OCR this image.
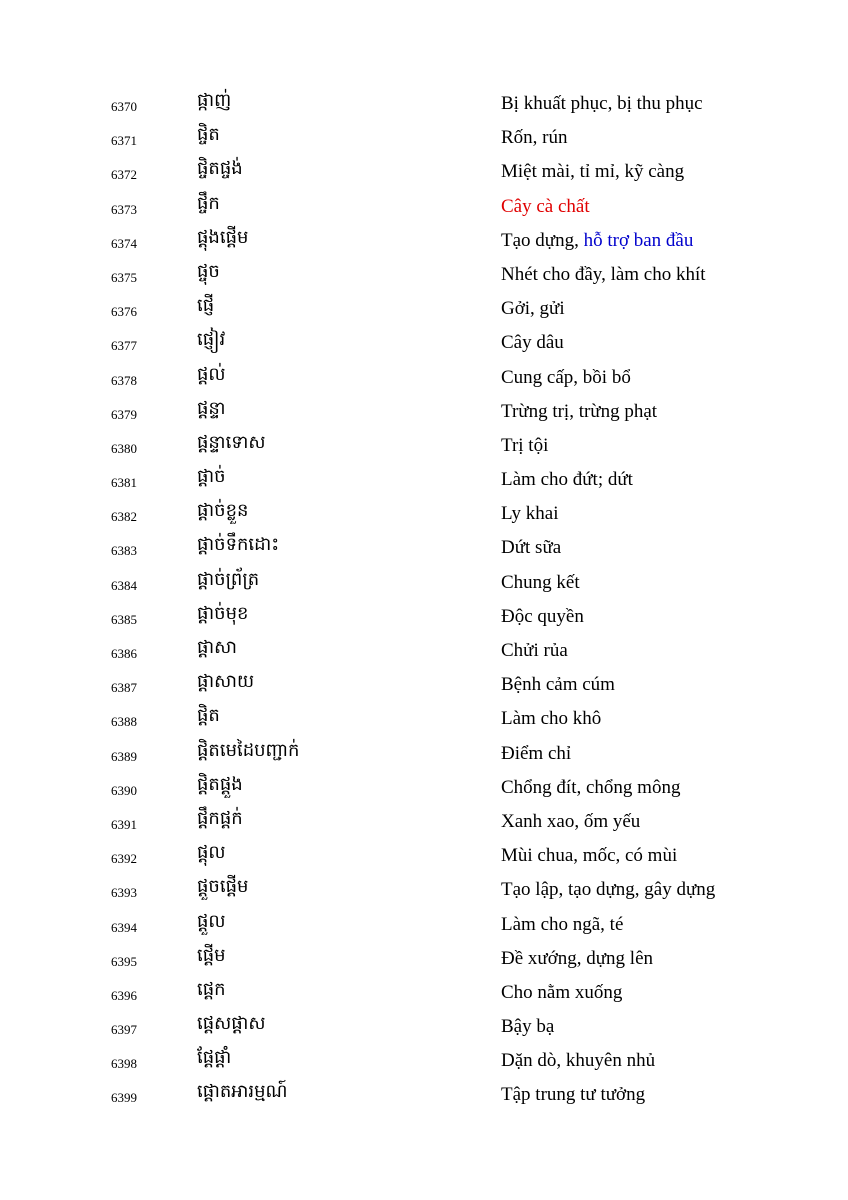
6370	ផ្កាញ់	Bị khuất phục, bị thu phục
6371	ផ្ចិត	Rốn, rún
6372	ផ្ចិតផ្ចង់	Miệt mài, tỉ mỉ, kỹ càng
6373	ផ្ចឹក	Cây cà chất
6374	ផ្ដុងផ្ដើម	Tạo dựng, hỗ trợ ban đầu
6375	ផ្ចុច	Nhét cho đầy, làm cho khít
6376	ផ្ញើ	Gởi, gửi
6377	ផ្ញៀវ	Cây dâu
6378	ផ្ដល់	Cung cấp, bồi bổ
6379	ផ្ដន្ទា	Trừng trị, trừng phạt
6380	ផ្ដន្ទាទោស	Trị tội
6381	ផ្ដាច់	Làm cho đứt; dứt
6382	ផ្ដាច់ខ្លួន	Ly khai
6383	ផ្ដាច់ទឹកដោះ	Dứt sữa
6384	ផ្ដាច់ព្រ័ត្រ	Chung kết
6385	ផ្ដាច់មុខ	Độc quyền
6386	ផ្ដាសា	Chửi rủa
6387	ផ្ដាសាយ	Bệnh cảm cúm
6388	ផ្ដិត	Làm cho khô
6389	ផ្ដិតមេដៃបញ្ជាក់	Điểm chỉ
6390	ផ្ដិតផ្ដួង	Chổng đít, chổng mông
6391	ផ្ដឹកផ្ដក់	Xanh xao, ốm yếu
6392	ផ្ដុល	Mùi chua, mốc, có mùi
6393	ផ្ដួចផ្ដើម	Tạo lập, tạo dựng, gây dựng
6394	ផ្ដួល	Làm cho ngã, té
6395	ផ្ដើម	Đề xướng, dựng lên
6396	ផ្ដេក	Cho nằm xuống
6397	ផ្ដេសផ្ដាស	Bậy bạ
6398	ផ្ដែផ្ដាំ	Dặn dò, khuyên nhủ
6399	ផ្ដោតអារម្មណ៍	Tập trung tư tưởng
